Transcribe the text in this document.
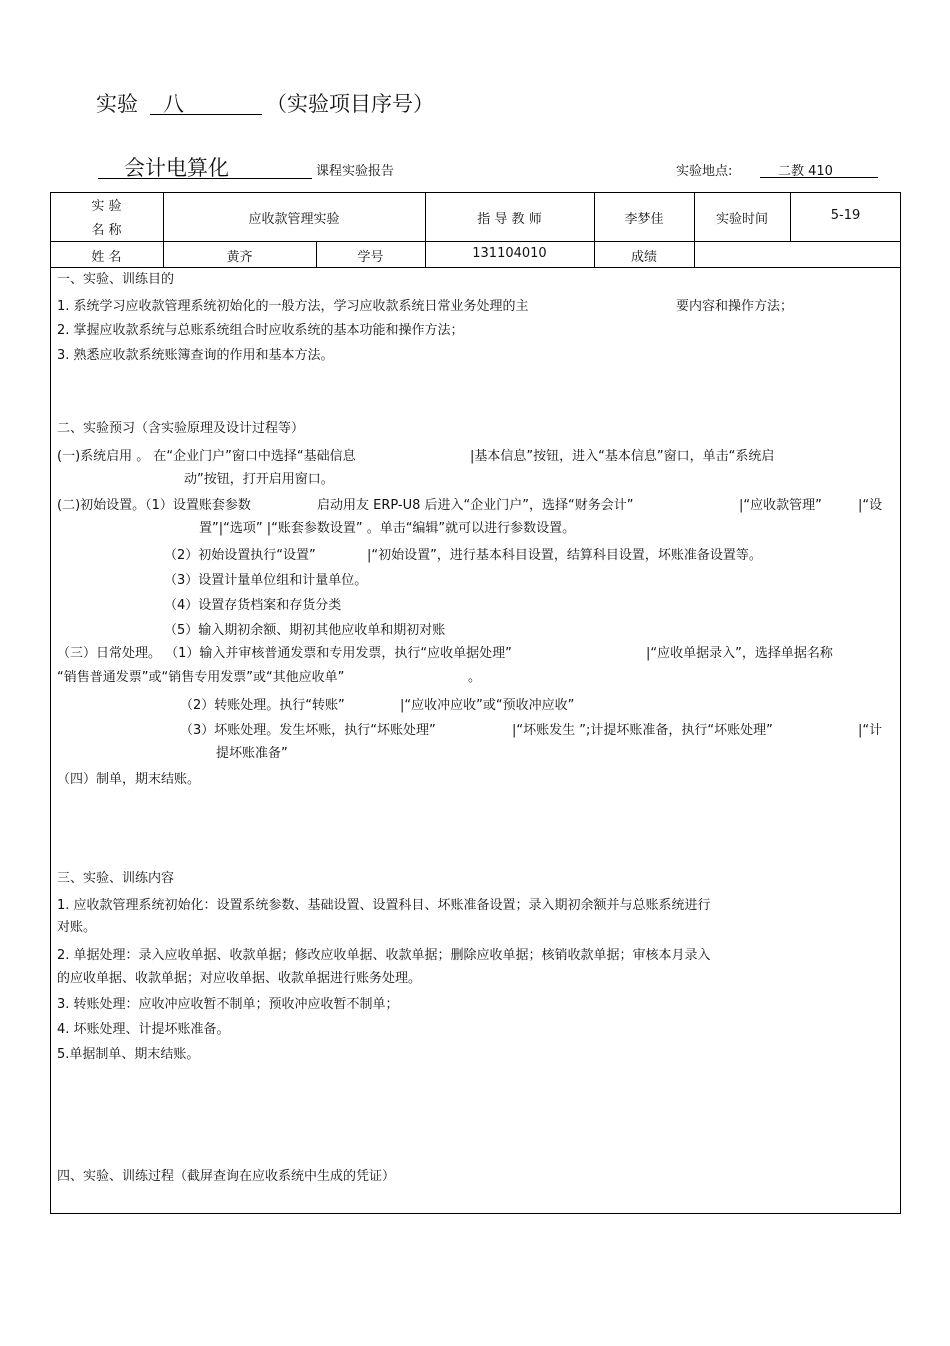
实验 八	（实验项目序号）
会计电算化	课程实验报告	实验地点:	二教 410
实 验
名 称
应收款管理实验	指 导 教 师	李梦佳	实验时间	5-19
姓 名	黄齐	学号	131104010	成绩
一、实验、训练目的
1. 系统学习应收款管理系统初始化的一般方法，学习应收款系统日常业务处理的主	要内容和操作方法；
2. 掌握应收款系统与总账系统组合时应收系统的基本功能和操作方法；
3. 熟悉应收款系统账簿查询的作用和基本方法。
二、实验预习（含实验原理及设计过程等）
(一)系统启用 。 在“企业门户”窗口中选择“基础信息	|基本信息”按钮，进入“基本信息”窗口，单击“系统启
动”按钮，打开启用窗口。
(二)初始设置。（1）设置账套参数	启动用友 ERP-U8 后进入“企业门户”，选择“财务会计”	|“应收款管理”	|“设
置”|“选项” |“账套参数设置” 。单击“编辑”就可以进行参数设置。
（2）初始设置执行“设置”	|“初始设置”，进行基本科目设置，结算科目设置，坏账准备设置等。
（3）设置计量单位组和计量单位。
（4）设置存货档案和存货分类
（5）输入期初余额、期初其他应收单和期初对账
（三）日常处理。 （1）输入并审核普通发票和专用发票，执行“应收单据处理”	|“应收单据录入”，选择单据名称
“销售普通发票”或“销售专用发票”或“其他应收单”	。
（2）转账处理。执行“转账”	|“应收冲应收”或“预收冲应收”
（3）坏账处理。发生坏账，执行“坏账处理”	|“坏账发生 ”;计提坏账准备，执行“坏账处理”	|“计
提坏账准备”
（四）制单，期末结账。
三、实验、训练内容
1. 应收款管理系统初始化：设置系统参数、基础设置、设置科目、坏账准备设置；录入期初余额并与总账系统进行
对账。
2. 单据处理：录入应收单据、收款单据；修改应收单据、收款单据；删除应收单据；核销收款单据；审核本月录入
的应收单据、收款单据；对应收单据、收款单据进行账务处理。
3. 转账处理：应收冲应收暂不制单；预收冲应收暂不制单；
4. 坏账处理、计提坏账准备。
5.单据制单、期末结账。
四、实验、训练过程（截屏查询在应收系统中生成的凭证）
